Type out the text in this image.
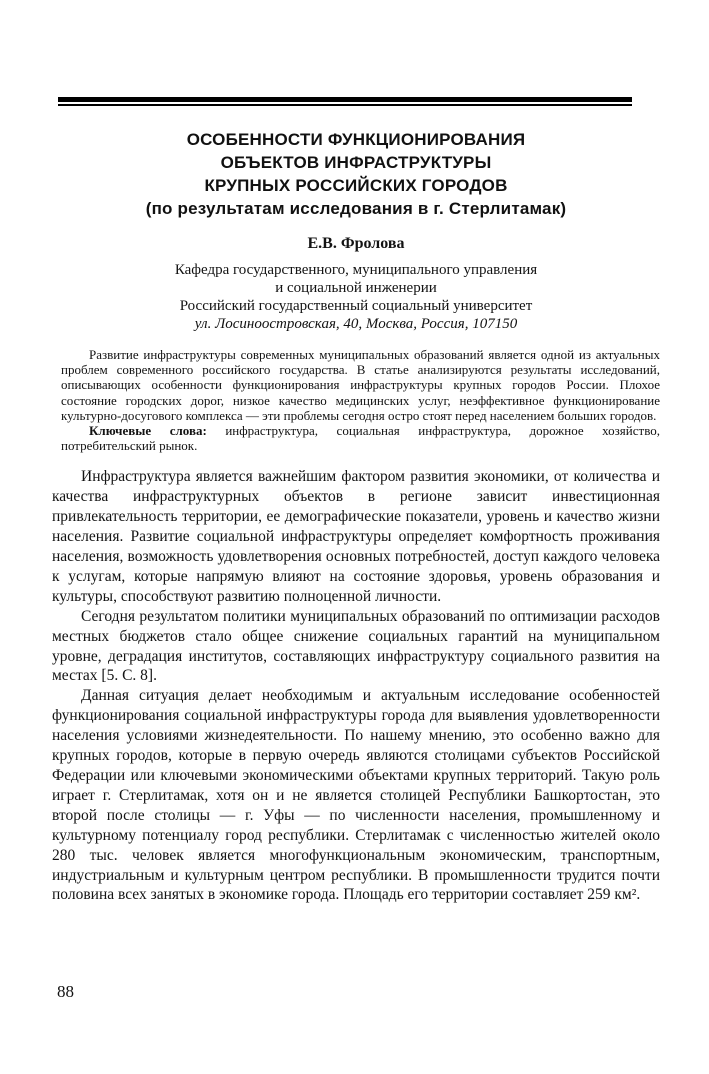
ОСОБЕННОСТИ ФУНКЦИОНИРОВАНИЯ
ОБЪЕКТОВ ИНФРАСТРУКТУРЫ
КРУПНЫХ РОССИЙСКИХ ГОРОДОВ
(по результатам исследования в г. Стерлитамак)
Е.В. Фролова
Кафедра государственного, муниципального управления
и социальной инженерии
Российский государственный социальный университет
ул. Лосиноостровская, 40, Москва, Россия, 107150

Развитие инфраструктуры современных муниципальных образований является одной из актуальных проблем современного российского государства. В статье анализируются результаты исследований, описывающих особенности функционирования инфраструктуры крупных городов России. Плохое состояние городских дорог, низкое качество медицинских услуг, неэффективное функционирование культурно-досугового комплекса — эти проблемы сегодня остро стоят перед населением больших городов.

Ключевые слова: инфраструктура, социальная инфраструктура, дорожное хозяйство, потребительский рынок.

Инфраструктура является важнейшим фактором развития экономики, от количества и качества инфраструктурных объектов в регионе зависит инвестиционная привлекательность территории, ее демографические показатели, уровень и качество жизни населения. Развитие социальной инфраструктуры определяет комфортность проживания населения, возможность удовлетворения основных потребностей, доступ каждого человека к услугам, которые напрямую влияют на состояние здоровья, уровень образования и культуры, способствуют развитию полноценной личности.

Сегодня результатом политики муниципальных образований по оптимизации расходов местных бюджетов стало общее снижение социальных гарантий на муниципальном уровне, деградация институтов, составляющих инфраструктуру социального развития на местах [5. С. 8].

Данная ситуация делает необходимым и актуальным исследование особенностей функционирования социальной инфраструктуры города для выявления удовлетворенности населения условиями жизнедеятельности. По нашему мнению, это особенно важно для крупных городов, которые в первую очередь являются столицами субъектов Российской Федерации или ключевыми экономическими объектами крупных территорий. Такую роль играет г. Стерлитамак, хотя он и не является столицей Республики Башкортостан, это второй после столицы — г. Уфы — по численности населения, промышленному и культурному потенциалу город республики. Стерлитамак с численностью жителей около 280 тыс. человек является многофункциональным экономическим, транспортным, индустриальным и культурным центром республики. В промышленности трудится почти половина всех занятых в экономике города. Площадь его территории составляет 259 км².

88
